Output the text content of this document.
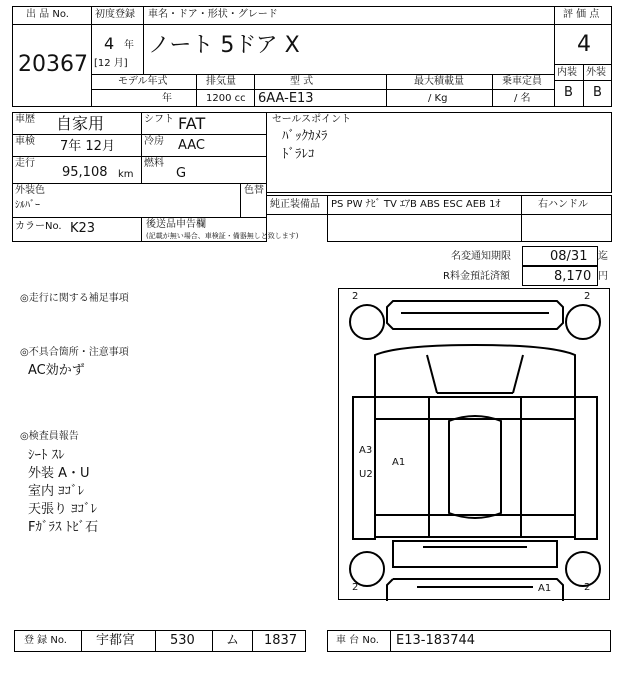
出 品 No.
20367
初度登録
4 年
[12 月]
車名・ドア・形状・グレード
ノート 5ドア X
評 価 点
4
内装 外装
B B
モデル年式
年
排気量
1200 cc
型 式
6AA-E13
最大積載量
/ Kg
乗車定員
/ 名
車歴 自家用	シフト FAT
車検 7年 12月	冷房 AAC
走行
95,108 km
燃料
G
外装色
ｼﾙﾊﾞｰ
色替
カラーNo. K23	後送品申告欄
(記載が無い場合、車検証・備器無しと致します)
セールスポイント
ﾊﾞｯｸｶﾒﾗ
ﾄﾞﾗﾚｺ
純正装備品 PS PW ﾅﾋﾞ TV ｴｱB ABS ESC AEB 1ｵ	右ハンドル
名変通知期限	08/31 迄
R料金預託済額	8,170 円
◎走行に関する補足事項
◎不具合箇所・注意事項
AC効かず
◎検査員報告
ｼｰﾄ ｽﾚ
外装 A・U
室内 ﾖｺﾞﾚ
天張り ﾖｺﾞﾚ
Fｶﾞﾗｽ ﾄﾋﾞ石
2	2
2	2
A3
A1
U2
A1
登 録 No. 宇都宮	530 ム 1837	車 台 No. E13-183744
